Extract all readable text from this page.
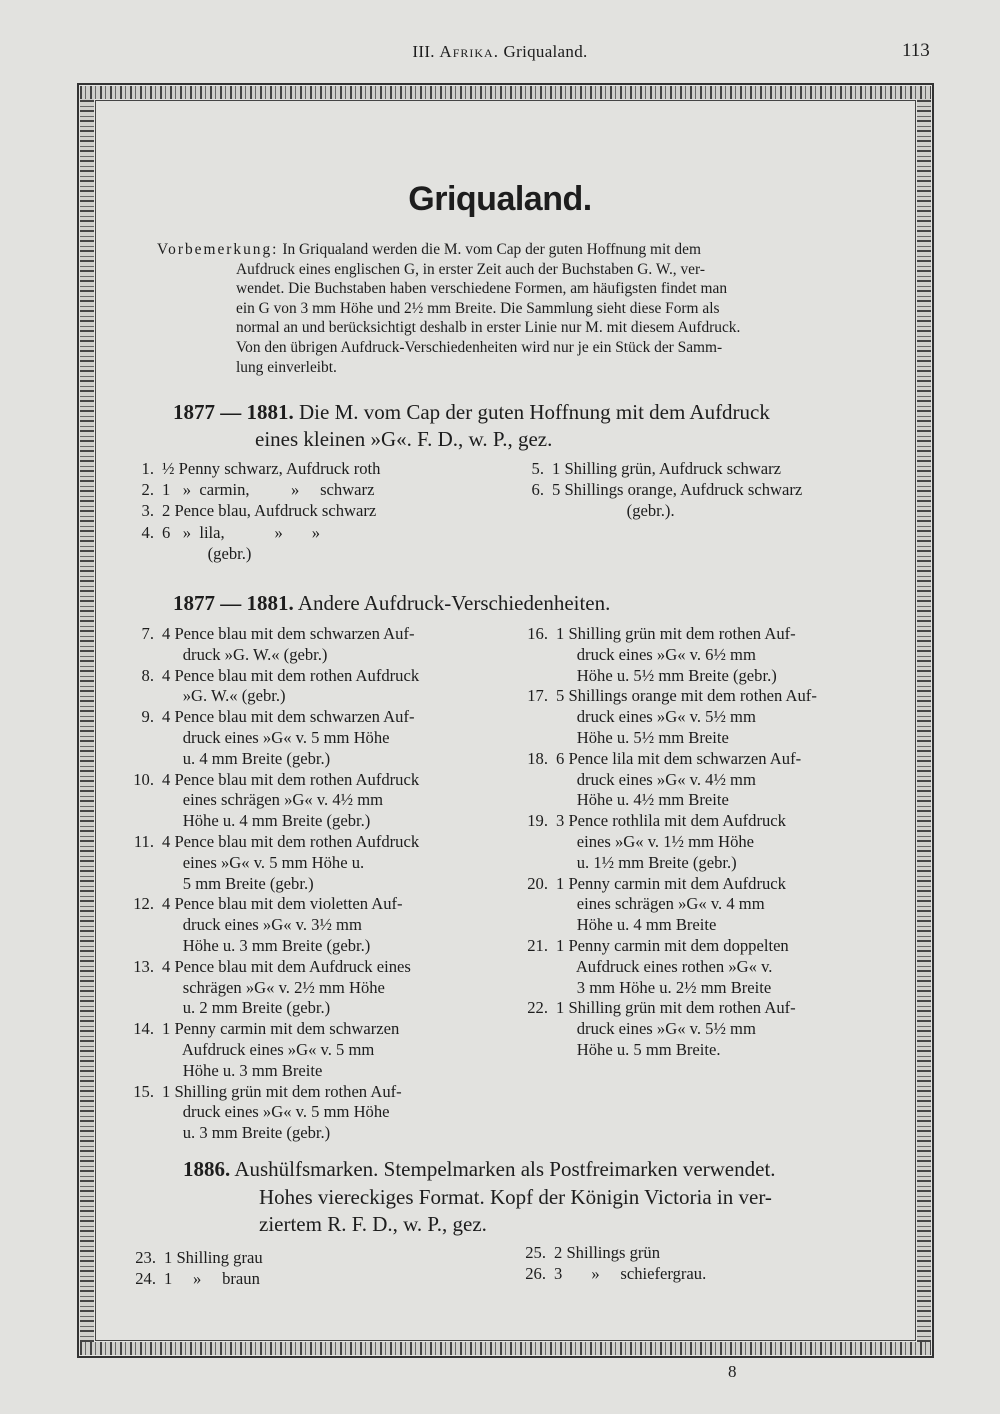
III. Afrika. Griqualand.	113
Griqualand.

Vorbemerkung: In Griqualand werden die M. vom Cap der guten Hoffnung mit dem

Aufdruck eines englischen G, in erster Zeit auch der Buchstaben G. W., ver-

wendet. Die Buchstaben haben verschiedene Formen, am häufigsten findet man

ein G von 3 mm Höhe und 2½ mm Breite. Die Sammlung sieht diese Form als

normal an und berücksichtigt deshalb in erster Linie nur M. mit diesem Aufdruck.

Von den übrigen Aufdruck-Verschiedenheiten wird nur je ein Stück der Samm-

lung einverleibt.

1877 — 1881. Die M. vom Cap der guten Hoffnung mit dem Aufdruck
eines kleinen »G«. F. D., w. P., gez.
1. ½ Penny schwarz, Aufdruck roth
2. 1   »  carmin,          »     schwarz
3. 2 Pence blau, Aufdruck schwarz
4. 6   »  lila,            »       »
(gebr.)
5. 1 Shilling grün, Aufdruck schwarz
6. 5 Shillings orange, Aufdruck schwarz
(gebr.).
1877 — 1881. Andere Aufdruck-Verschiedenheiten.
7. 4 Pence blau mit dem schwarzen Auf-
druck »G. W.« (gebr.)
8. 4 Pence blau mit dem rothen Aufdruck
»G. W.« (gebr.)
9. 4 Pence blau mit dem schwarzen Auf-
druck eines »G« v. 5 mm Höhe
u. 4 mm Breite (gebr.)
10. 4 Pence blau mit dem rothen Aufdruck
eines schrägen »G« v. 4½ mm
Höhe u. 4 mm Breite (gebr.)
11. 4 Pence blau mit dem rothen Aufdruck
eines »G« v. 5 mm Höhe u.
5 mm Breite (gebr.)
12. 4 Pence blau mit dem violetten Auf-
druck eines »G« v. 3½ mm
Höhe u. 3 mm Breite (gebr.)
13. 4 Pence blau mit dem Aufdruck eines
schrägen »G« v. 2½ mm Höhe
u. 2 mm Breite (gebr.)
14. 1 Penny carmin mit dem schwarzen
Aufdruck eines »G« v. 5 mm
Höhe u. 3 mm Breite
15. 1 Shilling grün mit dem rothen Auf-
druck eines »G« v. 5 mm Höhe
u. 3 mm Breite (gebr.)
16. 1 Shilling grün mit dem rothen Auf-
druck eines »G« v. 6½ mm
Höhe u. 5½ mm Breite (gebr.)
17. 5 Shillings orange mit dem rothen Auf-
druck eines »G« v. 5½ mm
Höhe u. 5½ mm Breite
18. 6 Pence lila mit dem schwarzen Auf-
druck eines »G« v. 4½ mm
Höhe u. 4½ mm Breite
19. 3 Pence rothlila mit dem Aufdruck
eines »G« v. 1½ mm Höhe
u. 1½ mm Breite (gebr.)
20. 1 Penny carmin mit dem Aufdruck
eines schrägen »G« v. 4 mm
Höhe u. 4 mm Breite
21. 1 Penny carmin mit dem doppelten
Aufdruck eines rothen »G« v.
3 mm Höhe u. 2½ mm Breite
22. 1 Shilling grün mit dem rothen Auf-
druck eines »G« v. 5½ mm
Höhe u. 5 mm Breite.
1886. Aushülfsmarken. Stempelmarken als Postfreimarken verwendet.
Hohes viereckiges Format. Kopf der Königin Victoria in ver-
ziertem R. F. D., w. P., gez.
23. 1 Shilling grau
24. 1     »     braun
25. 2 Shillings grün
26. 3       »     schiefergrau.
8
